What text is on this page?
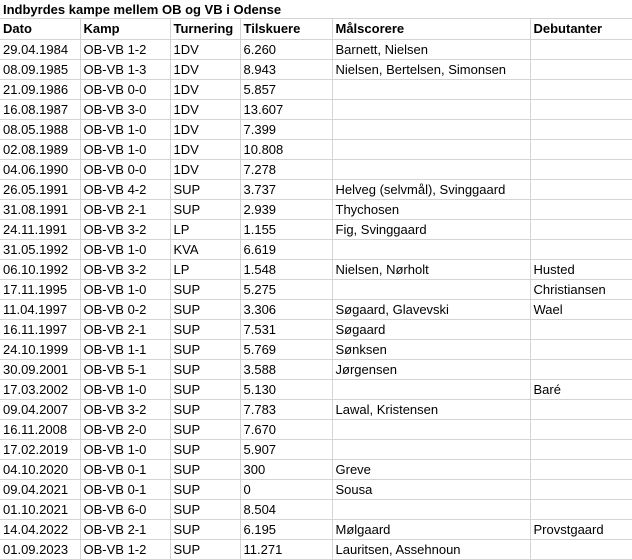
Indbyrdes kampe mellem OB og VB i Odense
Dato	Kamp	Turnering	Tilskuere	Målscorere	Debutanter
29.04.1984	OB-VB 1-2	1DV	6.260	Barnett, Nielsen	
08.09.1985	OB-VB 1-3	1DV	8.943	Nielsen, Bertelsen, Simonsen	
21.09.1986	OB-VB 0-0	1DV	5.857		
16.08.1987	OB-VB 3-0	1DV	13.607		
08.05.1988	OB-VB 1-0	1DV	7.399		
02.08.1989	OB-VB 1-0	1DV	10.808		
04.06.1990	OB-VB 0-0	1DV	7.278		
26.05.1991	OB-VB 4-2	SUP	3.737	Helveg (selvmål), Svinggaard	
31.08.1991	OB-VB 2-1	SUP	2.939	Thychosen	
24.11.1991	OB-VB 3-2	LP	1.155	Fig, Svinggaard	
31.05.1992	OB-VB 1-0	KVA	6.619		
06.10.1992	OB-VB 3-2	LP	1.548	Nielsen, Nørholt	Husted
17.11.1995	OB-VB 1-0	SUP	5.275		Christiansen
11.04.1997	OB-VB 0-2	SUP	3.306	Søgaard, Glavevski	Wael
16.11.1997	OB-VB 2-1	SUP	7.531	Søgaard	
24.10.1999	OB-VB 1-1	SUP	5.769	Sønksen	
30.09.2001	OB-VB 5-1	SUP	3.588	Jørgensen	
17.03.2002	OB-VB 1-0	SUP	5.130		Baré
09.04.2007	OB-VB 3-2	SUP	7.783	Lawal, Kristensen	
16.11.2008	OB-VB 2-0	SUP	7.670		
17.02.2019	OB-VB 1-0	SUP	5.907		
04.10.2020	OB-VB 0-1	SUP	300	Greve	
09.04.2021	OB-VB 0-1	SUP	0	Sousa	
01.10.2021	OB-VB 6-0	SUP	8.504		
14.04.2022	OB-VB 2-1	SUP	6.195	Mølgaard	Provstgaard
01.09.2023	OB-VB 1-2	SUP	11.271	Lauritsen, Assehnoun	
